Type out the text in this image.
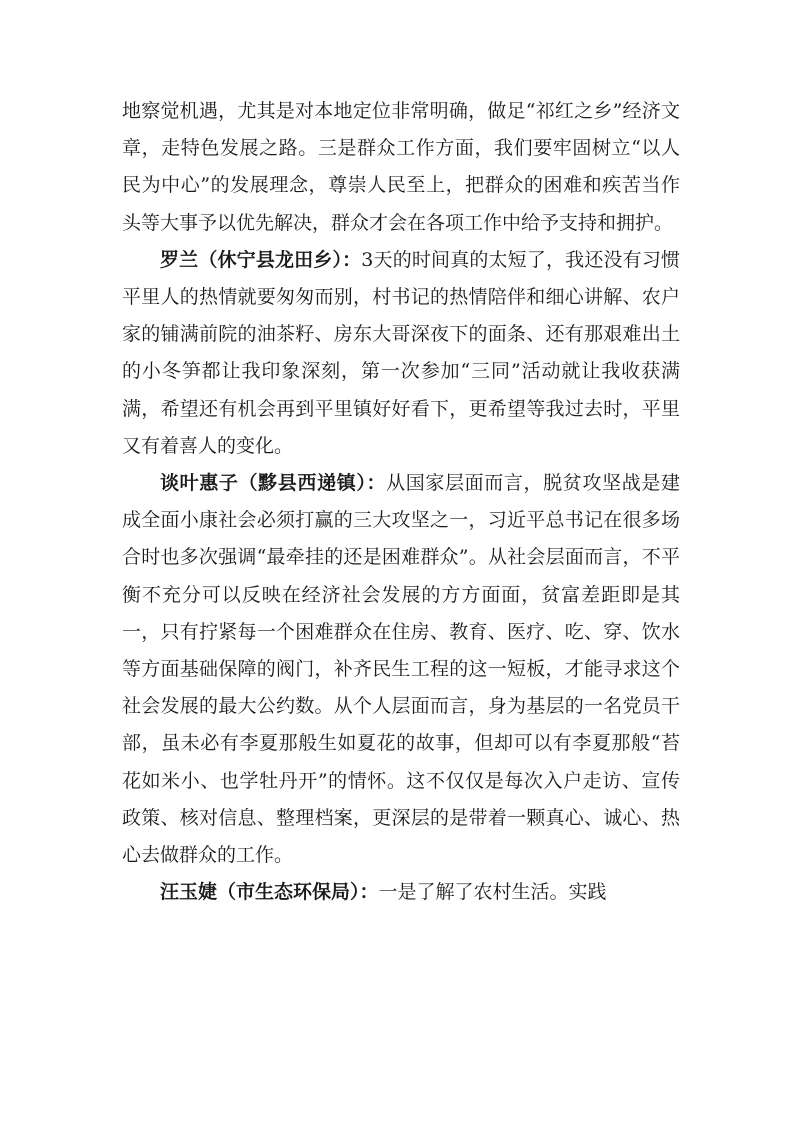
地察觉机遇，尤其是对本地定位非常明确，做足“祁红之乡”经济文章，走特色发展之路。三是群众工作方面，我们要牢固树立“以人民为中心”的发展理念，尊崇人民至上，把群众的困难和疾苦当作头等大事予以优先解决，群众才会在各项工作中给予支持和拥护。

罗兰（休宁县龙田乡）：3天的时间真的太短了，我还没有习惯平里人的热情就要匆匆而别，村书记的热情陪伴和细心讲解、农户家的铺满前院的油茶籽、房东大哥深夜下的面条、还有那艰难出土的小冬笋都让我印象深刻，第一次参加“三同”活动就让我收获满满，希望还有机会再到平里镇好好看下，更希望等我过去时，平里又有着喜人的变化。

谈叶惠子（黟县西递镇）：从国家层面而言，脱贫攻坚战是建成全面小康社会必须打赢的三大攻坚之一，习近平总书记在很多场合时也多次强调“最牵挂的还是困难群众”。从社会层面而言，不平衡不充分可以反映在经济社会发展的方方面面，贫富差距即是其一，只有拧紧每一个困难群众在住房、教育、医疗、吃、穿、饮水等方面基础保障的阀门，补齐民生工程的这一短板，才能寻求这个社会发展的最大公约数。从个人层面而言，身为基层的一名党员干部，虽未必有李夏那般生如夏花的故事，但却可以有李夏那般“苔花如米小、也学牡丹开”的情怀。这不仅仅是每次入户走访、宣传政策、核对信息、整理档案，更深层的是带着一颗真心、诚心、热心去做群众的工作。

汪玉婕（市生态环保局）：一是了解了农村生活。实践
